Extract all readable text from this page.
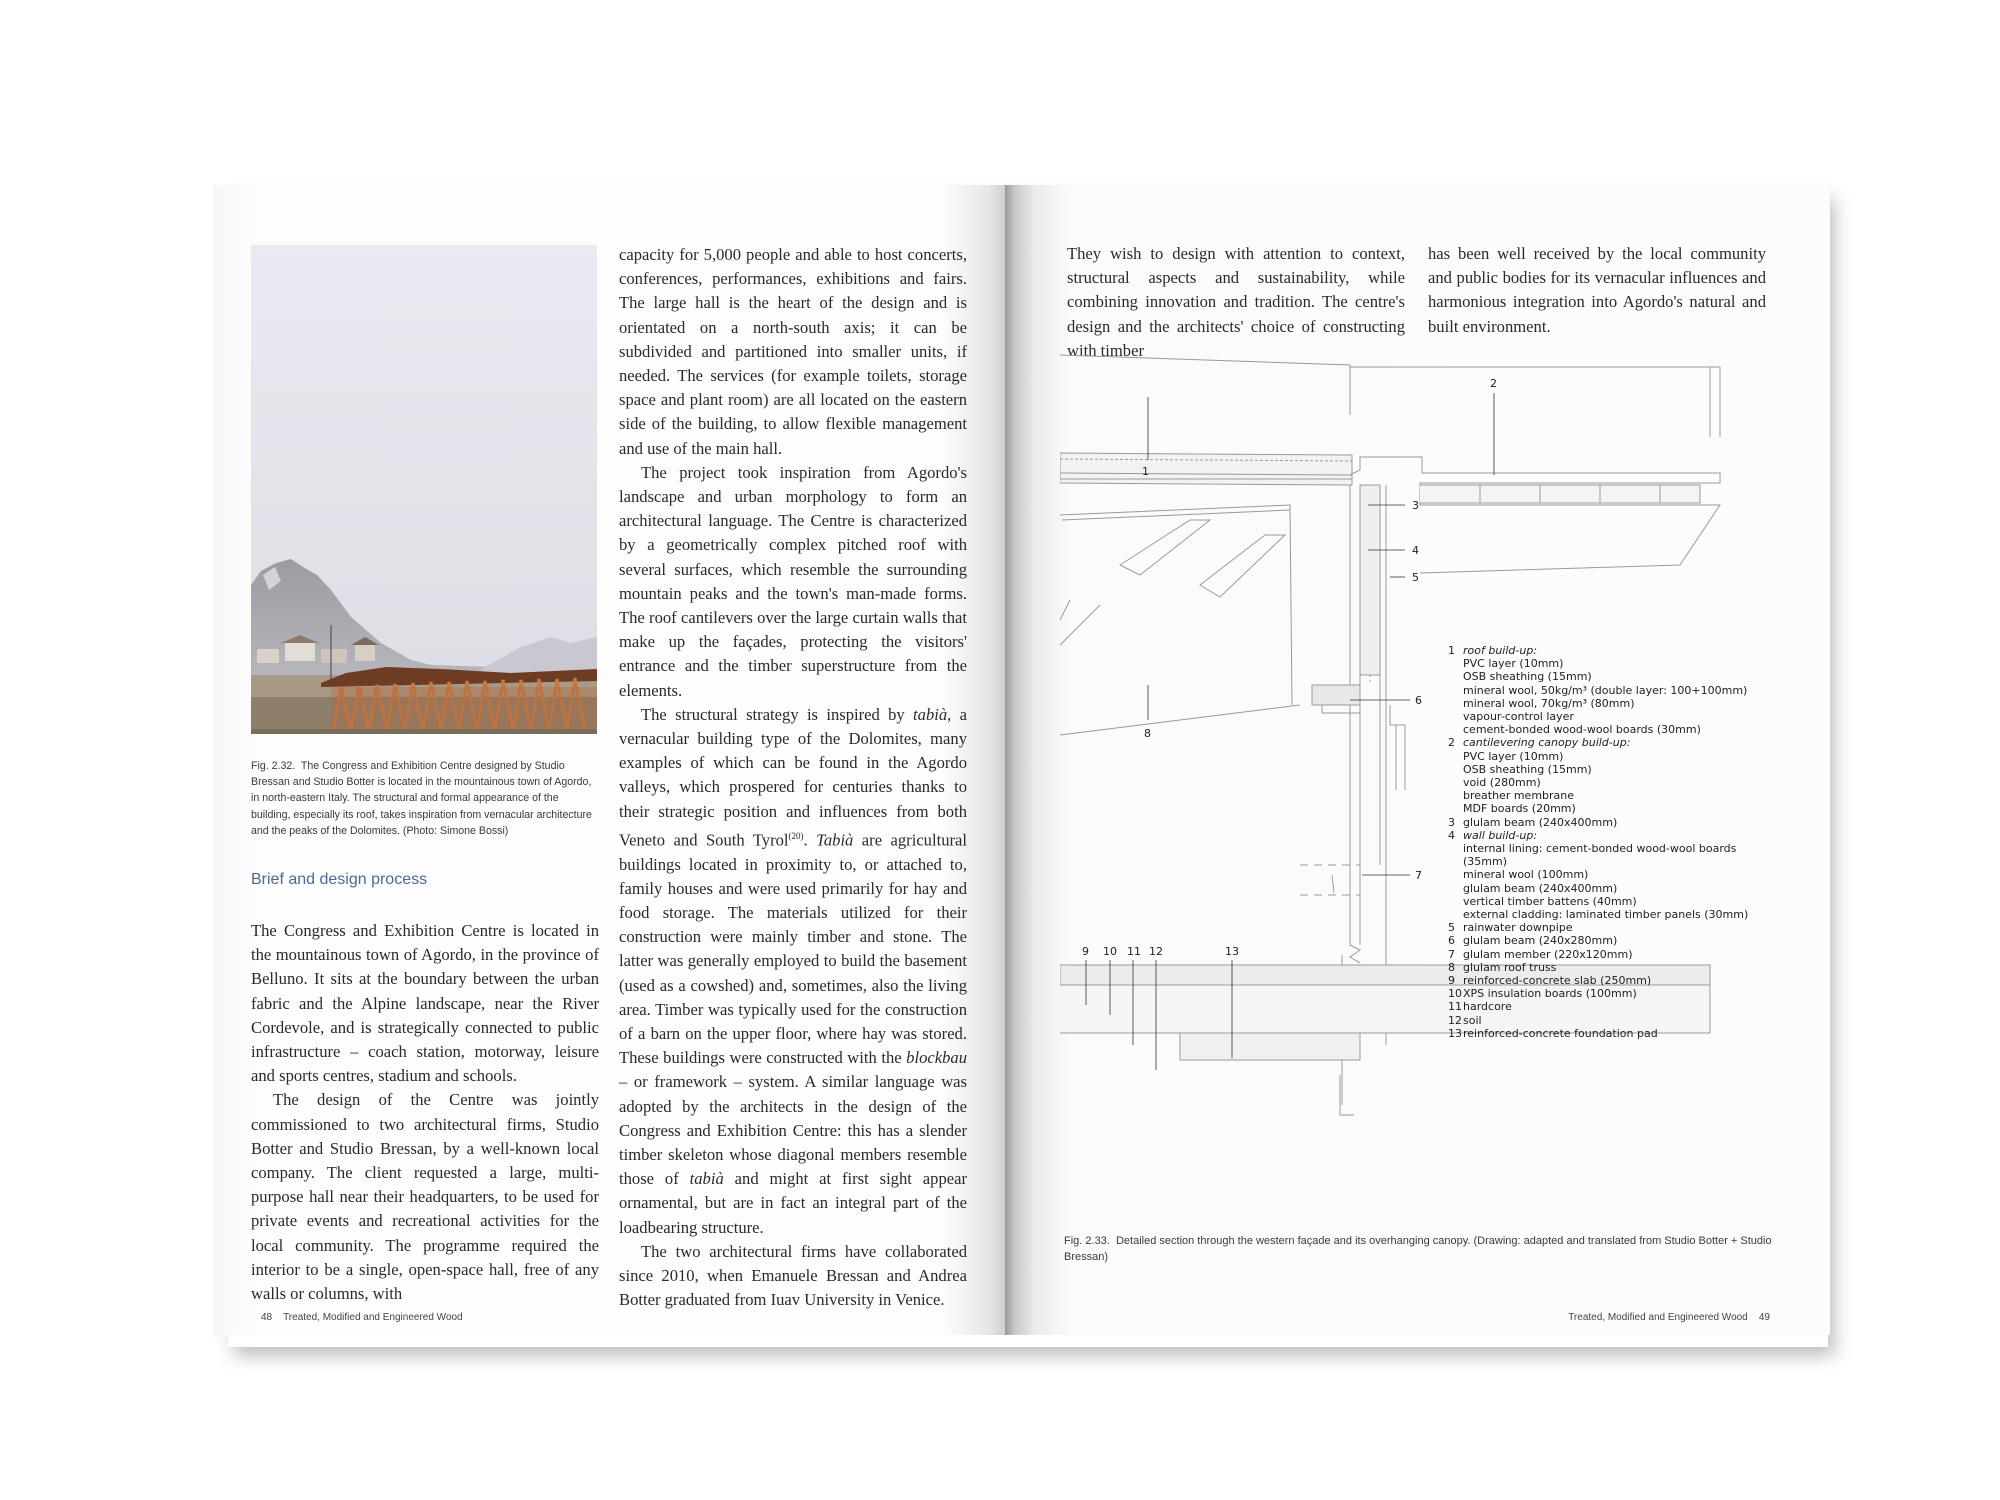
Fig. 2.32. The Congress and Exhibition Centre designed by Studio Bressan and Studio Botter is located in the mountainous town of Agordo, in north-eastern Italy. The structural and formal appearance of the building, especially its roof, takes inspiration from vernacular architecture and the peaks of the Dolomites. (Photo: Simone Bossi)
Brief and design process

The Congress and Exhibition Centre is located in the mountainous town of Agordo, in the province of Belluno. It sits at the boundary between the urban fabric and the Alpine landscape, near the River Cordevole, and is strategically connected to public infrastructure – coach station, motorway, leisure and sports centres, stadium and schools.

The design of the Centre was jointly commissioned to two architectural firms, Studio Botter and Studio Bressan, by a well-known local company. The client requested a large, multi-purpose hall near their headquarters, to be used for private events and recreational activities for the local community. The programme required the interior to be a single, open-space hall, free of any walls or columns, with

capacity for 5,000 people and able to host concerts, conferences, performances, exhibitions and fairs. The large hall is the heart of the design and is orientated on a north-south axis; it can be subdivided and partitioned into smaller units, if needed. The services (for example toilets, storage space and plant room) are all located on the eastern side of the building, to allow flexible management and use of the main hall.

The project took inspiration from Agordo's landscape and urban morphology to form an architectural language. The Centre is characterized by a geometrically complex pitched roof with several surfaces, which resemble the surrounding mountain peaks and the town's man-made forms. The roof cantilevers over the large curtain walls that make up the façades, protecting the visitors' entrance and the timber superstructure from the elements.

The structural strategy is inspired by tabià, a vernacular building type of the Dolomites, many examples of which can be found in the Agordo valleys, which prospered for centuries thanks to their strategic position and influences from both Veneto and South Tyrol$^{(20)}$. Tabià are agricultural buildings located in proximity to, or attached to, family houses and were used primarily for hay and food storage. The materials utilized for their construction were mainly timber and stone. The latter was generally employed to build the basement (used as a cowshed) and, sometimes, also the living area. Timber was typically used for the construction of a barn on the upper floor, where hay was stored. These buildings were constructed with the blockbau – or framework – system. A similar language was adopted by the architects in the design of the Congress and Exhibition Centre: this has a slender timber skeleton whose diagonal members resemble those of tabià and might at first sight appear ornamental, but are in fact an integral part of the loadbearing structure.

The two architectural firms have collaborated since 2010, when Emanuele Bressan and Andrea Botter graduated from Iuav University in Venice.

48 Treated, Modified and Engineered Wood
They wish to design with attention to context, structural aspects and sustainability, while combining innovation and tradition. The centre's design and the architects' choice of constructing with timber
has been well received by the local community and public bodies for its vernacular influences and harmonious integration into Agordo's natural and built environment.
Fig. 2.33. Detailed section through the western façade and its overhanging canopy. (Drawing: adapted and translated from Studio Botter + Studio Bressan)
Treated, Modified and Engineered Wood 49
1
2
3
4
5
6
7
8
9 10 11 12	13
1 roof build-up:
PVC layer (10mm)
OSB sheathing (15mm)
mineral wool, 50kg/m³ (double layer: 100+100mm)
mineral wool, 70kg/m³ (80mm)
vapour-control layer
cement-bonded wood-wool boards (30mm)
2 cantilevering canopy build-up:
PVC layer (10mm)
OSB sheathing (15mm)
void (280mm)
breather membrane
MDF boards (20mm)
3 glulam beam (240x400mm)
4 wall build-up:
internal lining: cement-bonded wood-wool boards
(35mm)
mineral wool (100mm)
glulam beam (240x400mm)
vertical timber battens (40mm)
external cladding: laminated timber panels (30mm)
5 rainwater downpipe
6 glulam beam (240x280mm)
7 glulam member (220x120mm)
8 glulam roof truss
9 reinforced-concrete slab (250mm)
10XPS insulation boards (100mm)
11hardcore
12soil
13reinforced-concrete foundation pad
